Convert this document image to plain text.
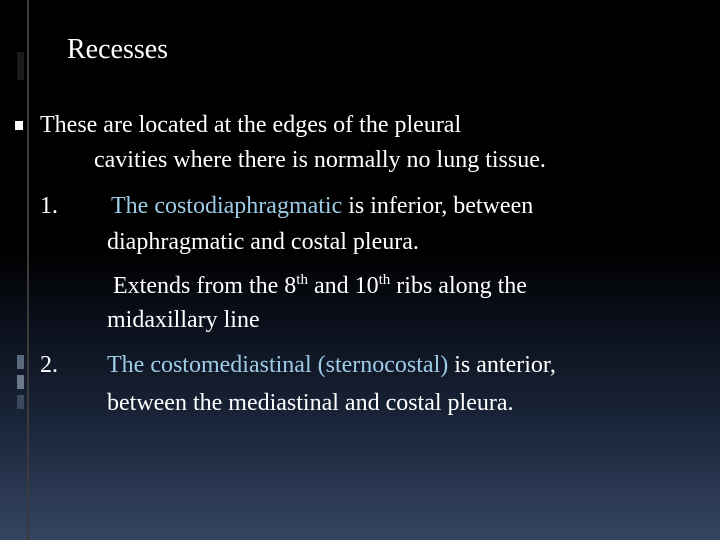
Recesses
These are located at the edges of the pleural
cavities where there is normally no lung tissue.
1. The costodiaphragmatic is inferior, between
diaphragmatic and costal pleura.
Extends from the 8th and 10th ribs along the
midaxillary line
2. The costomediastinal (sternocostal) is anterior,
between the mediastinal and costal pleura.
